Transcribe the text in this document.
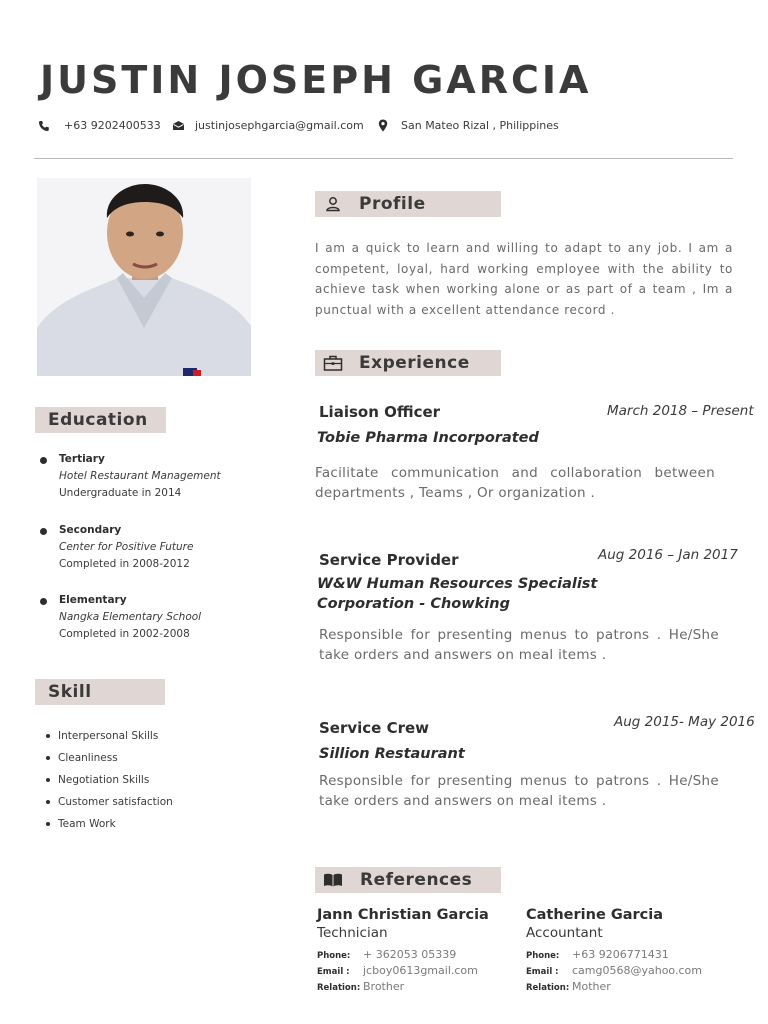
JUSTIN JOSEPH GARCIA
+63 9202400533	justinjosephgarcia@gmail.com	San Mateo Rizal , Philippines
Profile
I am a quick to learn and willing to adapt to any job. I am a competent, loyal, hard working employee with the ability to achieve task when working alone or as part of a team , Im a punctual with a excellent attendance record .
Experience
Liaison Officer	March 2018 – Present
Tobie Pharma Incorporated
Facilitate communication and collaboration between departments , Teams , Or organization .
Service Provider	Aug 2016 – Jan 2017
W&W Human Resources Specialist Corporation - Chowking
Responsible for presenting menus to patrons . He/She take orders and answers on meal items .
Service Crew	Aug 2015- May 2016
Sillion Restaurant
Responsible for presenting menus to patrons . He/She take orders and answers on meal items .
Education
Tertiary
Hotel Restaurant Management
Undergraduate in 2014
Secondary
Center for Positive Future
Completed in 2008-2012
Elementary
Nangka Elementary School
Completed in 2002-2008
Skill
Interpersonal Skills
Cleanliness
Negotiation Skills
Customer satisfaction
Team Work
References
Jann Christian Garcia
Technician
Phone: + 362053 05339
Email : jcboy0613gmail.com
Relation: Brother
Catherine Garcia
Accountant
Phone: +63 9206771431
Email : camg0568@yahoo.com
Relation: Mother
